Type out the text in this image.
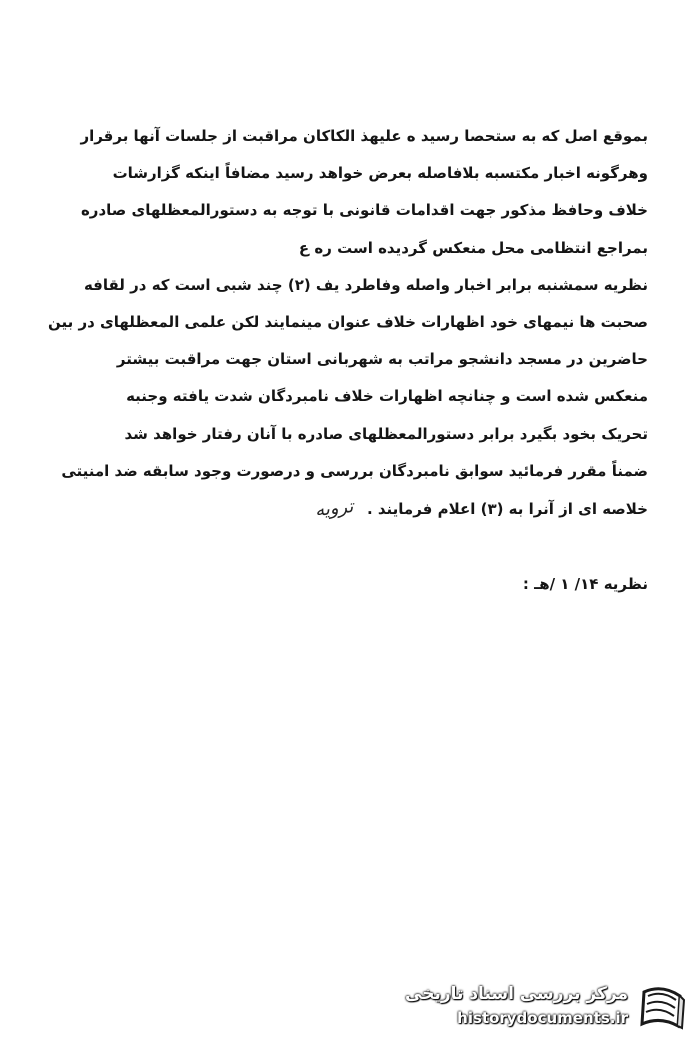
بموقع اصل که به ستحصا رسید ه علیهذ الکاکان مراقبت از جلسات آنها برقرار
وهرگونه اخبار مکتسبه بلافاصله بعرض خواهد رسید مضافاً اینکه گزارشات
خلاف وحافظ مذکور جهت اقدامات قانونی با توجه به دستورالمعظلهای صادره
بمراجع انتظامی محل منعکس گردیده است ره ع
نظریه سمشنبه برابر اخبار واصله وفاطرد یف (۲) چند شبی است که در لقافه
صحبت ها نیمهای خود اظهارات خلاف عنوان مینمایند لکن علمی المعظلهای در بین
حاضرین در مسجد دانشجو مراتب به شهربانی استان جهت مراقبت بیشتر
منعکس شده است و چنانچه اظهارات خلاف نامبردگان شدت یافته وجنبه
تحریک بخود بگیرد برابر دستورالمعظلهای صادره با آنان رفتار خواهد شد
ضمناً مقرر فرمائید سوابق نامبردگان بررسی و درصورت وجود سابقه ضد امنیتی
خلاصه ای از آنرا به (۳) اعلام فرمایند . ترویه
نظریه ۱۴/ ۱ /هـ :
مرکز بررسی اسناد تاریخی
historydocuments.ir
